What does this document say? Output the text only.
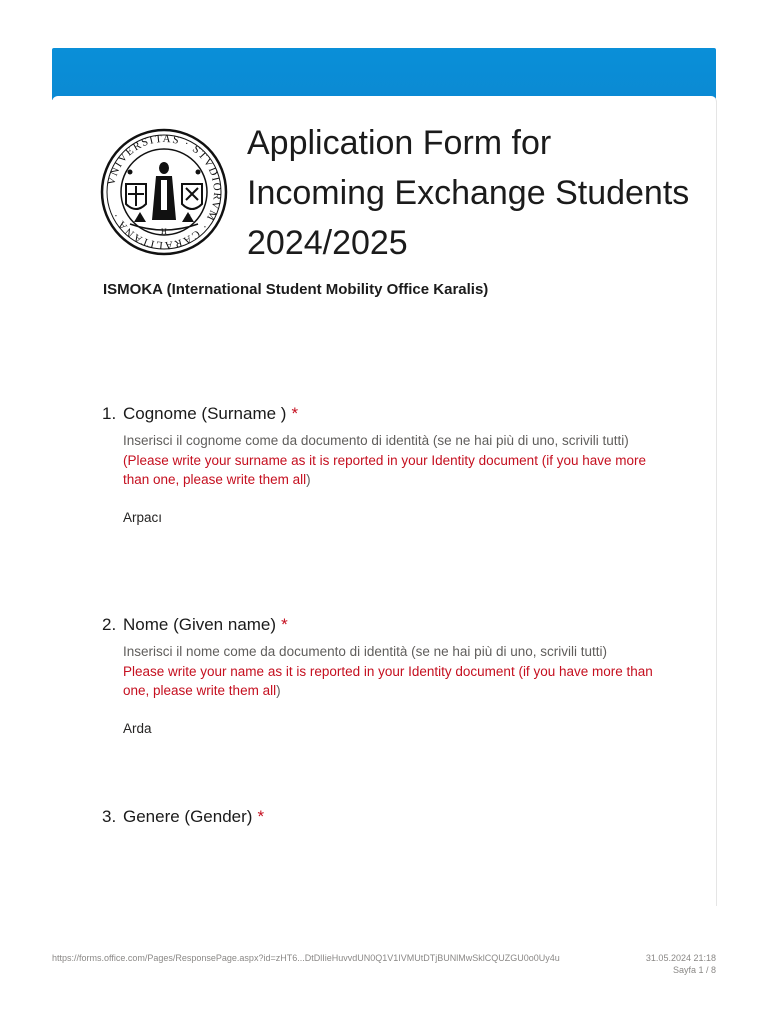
VNIVERSITAS · STVDIORVM · CARALITANA ·	L	E
H
Application Form for Incoming Exchange Students 2024/2025

ISMOKA (International Student Mobility Office Karalis)

1. Cognome (Surname ) *
Inserisci il cognome come da documento di identità (se ne hai più di uno, scrivili tutti)
(Please write your surname as it is reported in your Identity document (if you have more than one, please write them all)
Arpacı
2. Nome (Given name) *
Inserisci il nome come da documento di identità (se ne hai più di uno, scrivili tutti)
Please write your name as it is reported in your Identity document (if you have more than one, please write them all)
Arda
3. Genere (Gender) *
https://forms.office.com/Pages/ResponsePage.aspx?id=zHT6...DtDlIieHuvvdUN0Q1V1IVMUtDTjBUNlMwSklCQUZGU0o0Uy4u	31.05.2024 21:18
Sayfa 1 / 8
